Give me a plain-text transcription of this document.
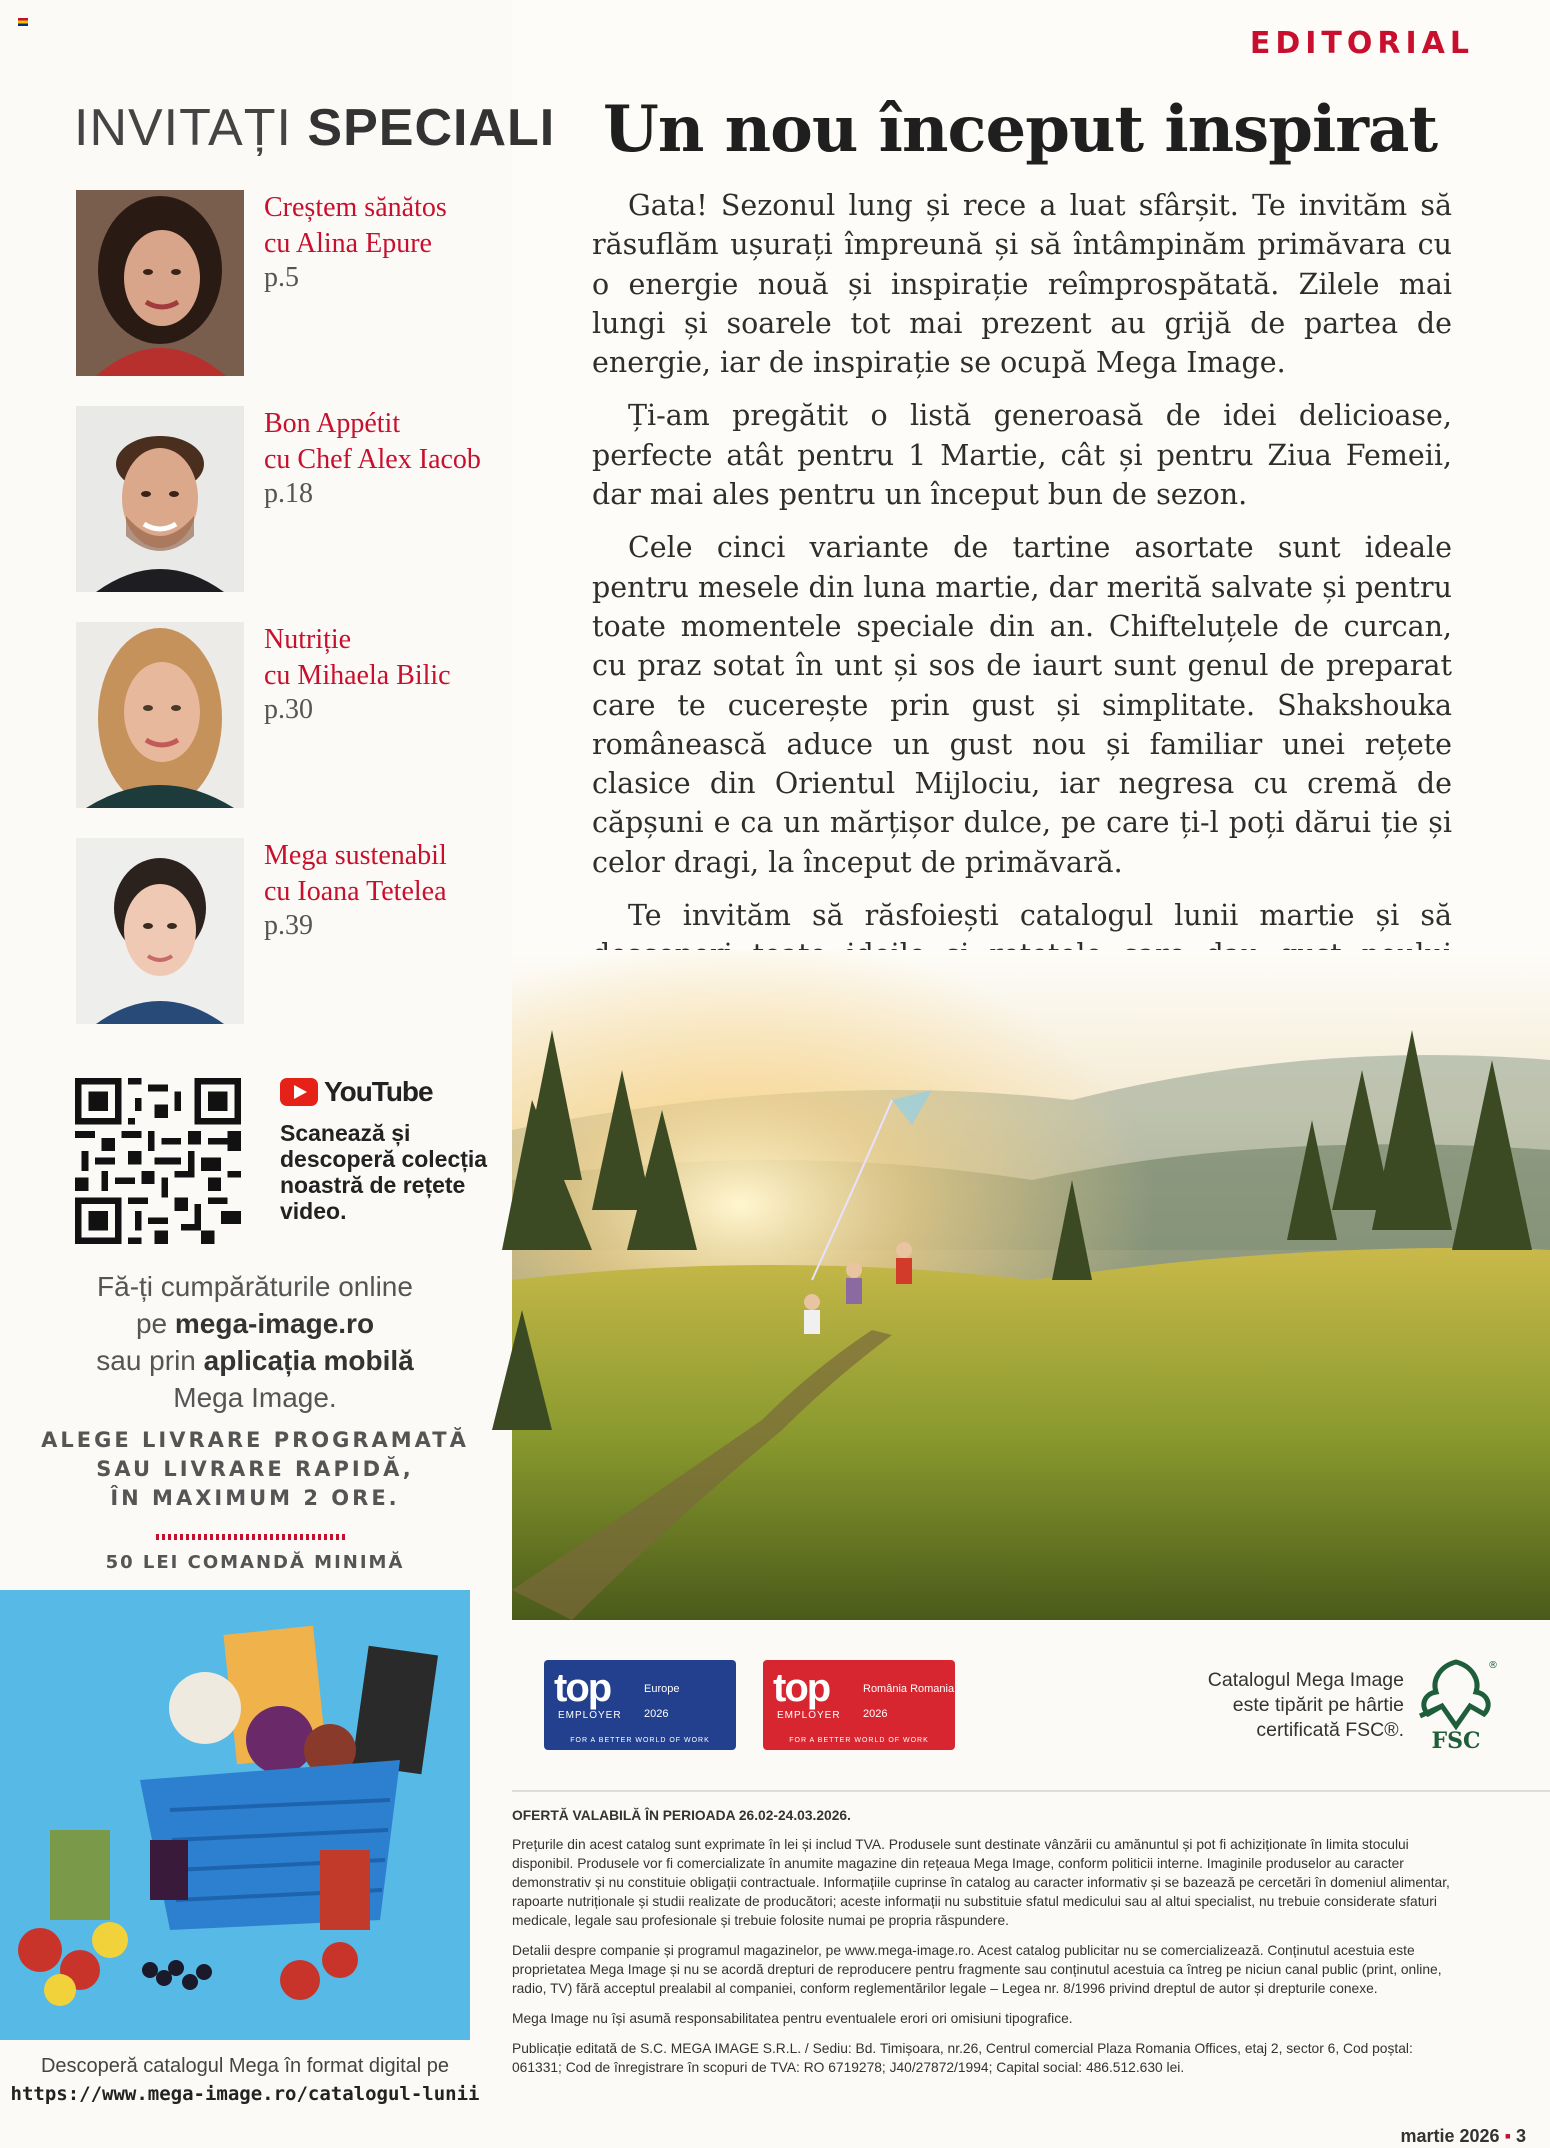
EDITORIAL
INVITAȚI SPECIALI
Creștem sănătos
cu Alina Epure
p.5
Bon Appétit
cu Chef Alex Iacob
p.18
Nutriție
cu Mihaela Bilic
p.30
Mega sustenabil
cu Ioana Tetelea
p.39
Un nou început inspirat

Gata! Sezonul lung și rece a luat sfârșit. Te invităm să răsuflăm ușurați împreună și să întâmpinăm primăvara cu o energie nouă și inspirație reîmprospătată. Zilele mai lungi și soarele tot mai prezent au grijă de partea de energie, iar de inspirație se ocupă Mega Image.

Ți-am pregătit o listă generoasă de idei delicioase, perfecte atât pentru 1 Martie, cât și pentru Ziua Femeii, dar mai ales pentru un început bun de sezon.

Cele cinci variante de tartine asortate sunt ideale pentru mesele din luna martie, dar merită salvate și pentru toate momentele speciale din an. Chifteluțele de curcan, cu praz sotat în unt și sos de iaurt sunt genul de preparat care te cucerește prin gust și simplitate. Shakshouka românească aduce un gust nou și familiar unei rețete clasice din Orientul Mijlociu, iar negresa cu cremă de căpșuni e ca un mărțișor dulce, pe care ți-l poți dărui ție și celor dragi, la început de primăvară.

Te invităm să răsfoiești catalogul lunii martie și să

YouTube
Scanează și descoperă colecția noastră de rețete video.
Fă-ți cumpărăturile online
pe mega-image.ro
sau prin aplicația mobilă
Mega Image.
ALEGE LIVRARE PROGRAMATĂ
SAU LIVRARE RAPIDĂ,
ÎN MAXIMUM 2 ORE.
50 LEI COMANDĂ MINIMĂ
Descoperă catalogul Mega în format digital pe
https://www.mega-image.ro/catalogul-lunii
top
EMPLOYER
Europe
2026
FOR A BETTER WORLD OF WORK
top
EMPLOYER
România Romania
2026
FOR A BETTER WORLD OF WORK
Catalogul Mega Image
este tipărit pe hârtie
certificată FSC®. FSC
®

OFERTĂ VALABILĂ ÎN PERIOADA 26.02-24.03.2026.

Prețurile din acest catalog sunt exprimate în lei și includ TVA. Produsele sunt destinate vânzării cu amănuntul și pot fi achiziționate în limita stocului disponibil. Produsele vor fi comercializate în anumite magazine din rețeaua Mega Image, conform politicii interne. Imaginile produselor au caracter demonstrativ și nu constituie obligații contractuale. Informațiile cuprinse în catalog au caracter informativ și se bazează pe cercetări în domeniul alimentar, rapoarte nutriționale și studii realizate de producători; aceste informații nu substituie sfatul medicului sau al altui specialist, nu trebuie considerate sfaturi medicale, legale sau profesionale și trebuie folosite numai pe propria răspundere.

Detalii despre companie și programul magazinelor, pe www.mega-image.ro. Acest catalog publicitar nu se comercializează. Conținutul acestuia este proprietatea Mega Image și nu se acordă drepturi de reproducere pentru fragmente sau conținutul acestuia ca întreg pe niciun canal public (print, online, radio, TV) fără acceptul prealabil al companiei, conform reglementărilor legale – Legea nr. 8/1996 privind dreptul de autor și drepturile conexe.

Mega Image nu își asumă responsabilitatea pentru eventualele erori ori omisiuni tipografice.

Publicație editată de S.C. MEGA IMAGE S.R.L. / Sediu: Bd. Timișoara, nr.26, Centrul comercial Plaza Romania Offices, etaj 2, sector 6, Cod poștal: 061331; Cod de înregistrare în scopuri de TVA: RO 6719278; J40/27872/1994; Capital social: 486.512.630 lei.

martie 2026 ▪ 3
